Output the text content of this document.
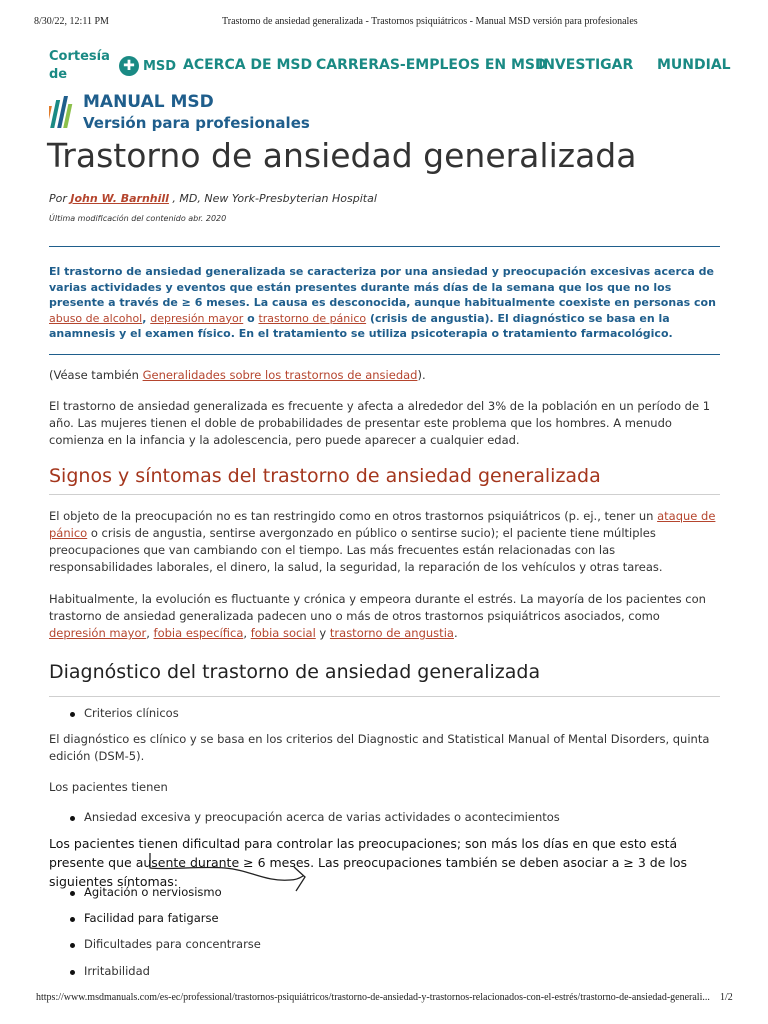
8/30/22, 12:11 PM	Trastorno de ansiedad generalizada - Trastornos psiquiátricos - Manual MSD versión para profesionales
Cortesía de
✚ MSD ACERCA DE MSD CARRERAS-EMPLEOS EN MSD
INVESTIGAR MUNDIAL
MANUAL MSD
Versión para profesionales
Trastorno de ansiedad generalizada
Por John W. Barnhill , MD, New York-Presbyterian Hospital
Última modificación del contenido abr. 2020
El trastorno de ansiedad generalizada se caracteriza por una ansiedad y preocupación excesivas acerca de varias actividades y eventos que están presentes durante más días de la semana que los que no los presente a través de ≥ 6 meses. La causa es desconocida, aunque habitualmente coexiste en personas con abuso de alcohol, depresión mayor o trastorno de pánico (crisis de angustia). El diagnóstico se basa en la anamnesis y el examen físico. En el tratamiento se utiliza psicoterapia o tratamiento farmacológico.
(Véase también Generalidades sobre los trastornos de ansiedad).
El trastorno de ansiedad generalizada es frecuente y afecta a alrededor del 3% de la población en un período de 1 año. Las mujeres tienen el doble de probabilidades de presentar este problema que los hombres. A menudo comienza en la infancia y la adolescencia, pero puede aparecer a cualquier edad.
Signos y síntomas del trastorno de ansiedad generalizada
El objeto de la preocupación no es tan restringido como en otros trastornos psiquiátricos (p. ej., tener un ataque de pánico o crisis de angustia, sentirse avergonzado en público o sentirse sucio); el paciente tiene múltiples preocupaciones que van cambiando con el tiempo. Las más frecuentes están relacionadas con las responsabilidades laborales, el dinero, la salud, la seguridad, la reparación de los vehículos y otras tareas.
Habitualmente, la evolución es fluctuante y crónica y empeora durante el estrés. La mayoría de los pacientes con trastorno de ansiedad generalizada padecen uno o más de otros trastornos psiquiátricos asociados, como depresión mayor, fobia específica, fobia social y trastorno de angustia.
Diagnóstico del trastorno de ansiedad generalizada
Criterios clínicos
El diagnóstico es clínico y se basa en los criterios del Diagnostic and Statistical Manual of Mental Disorders, quinta edición (DSM-5).
Los pacientes tienen
Ansiedad excesiva y preocupación acerca de varias actividades o acontecimientos
Los pacientes tienen dificultad para controlar las preocupaciones; son más los días en que esto está presente que ausente durante ≥ 6 meses. Las preocupaciones también se deben asociar a ≥ 3 de los siguientes síntomas:
Agitación o nerviosismo
Facilidad para fatigarse
Dificultades para concentrarse
Irritabilidad
https://www.msdmanuals.com/es-ec/professional/trastornos-psiquiátricos/trastorno-de-ansiedad-y-trastornos-relacionados-con-el-estrés/trastorno-de-ansiedad-generali...	1/2
